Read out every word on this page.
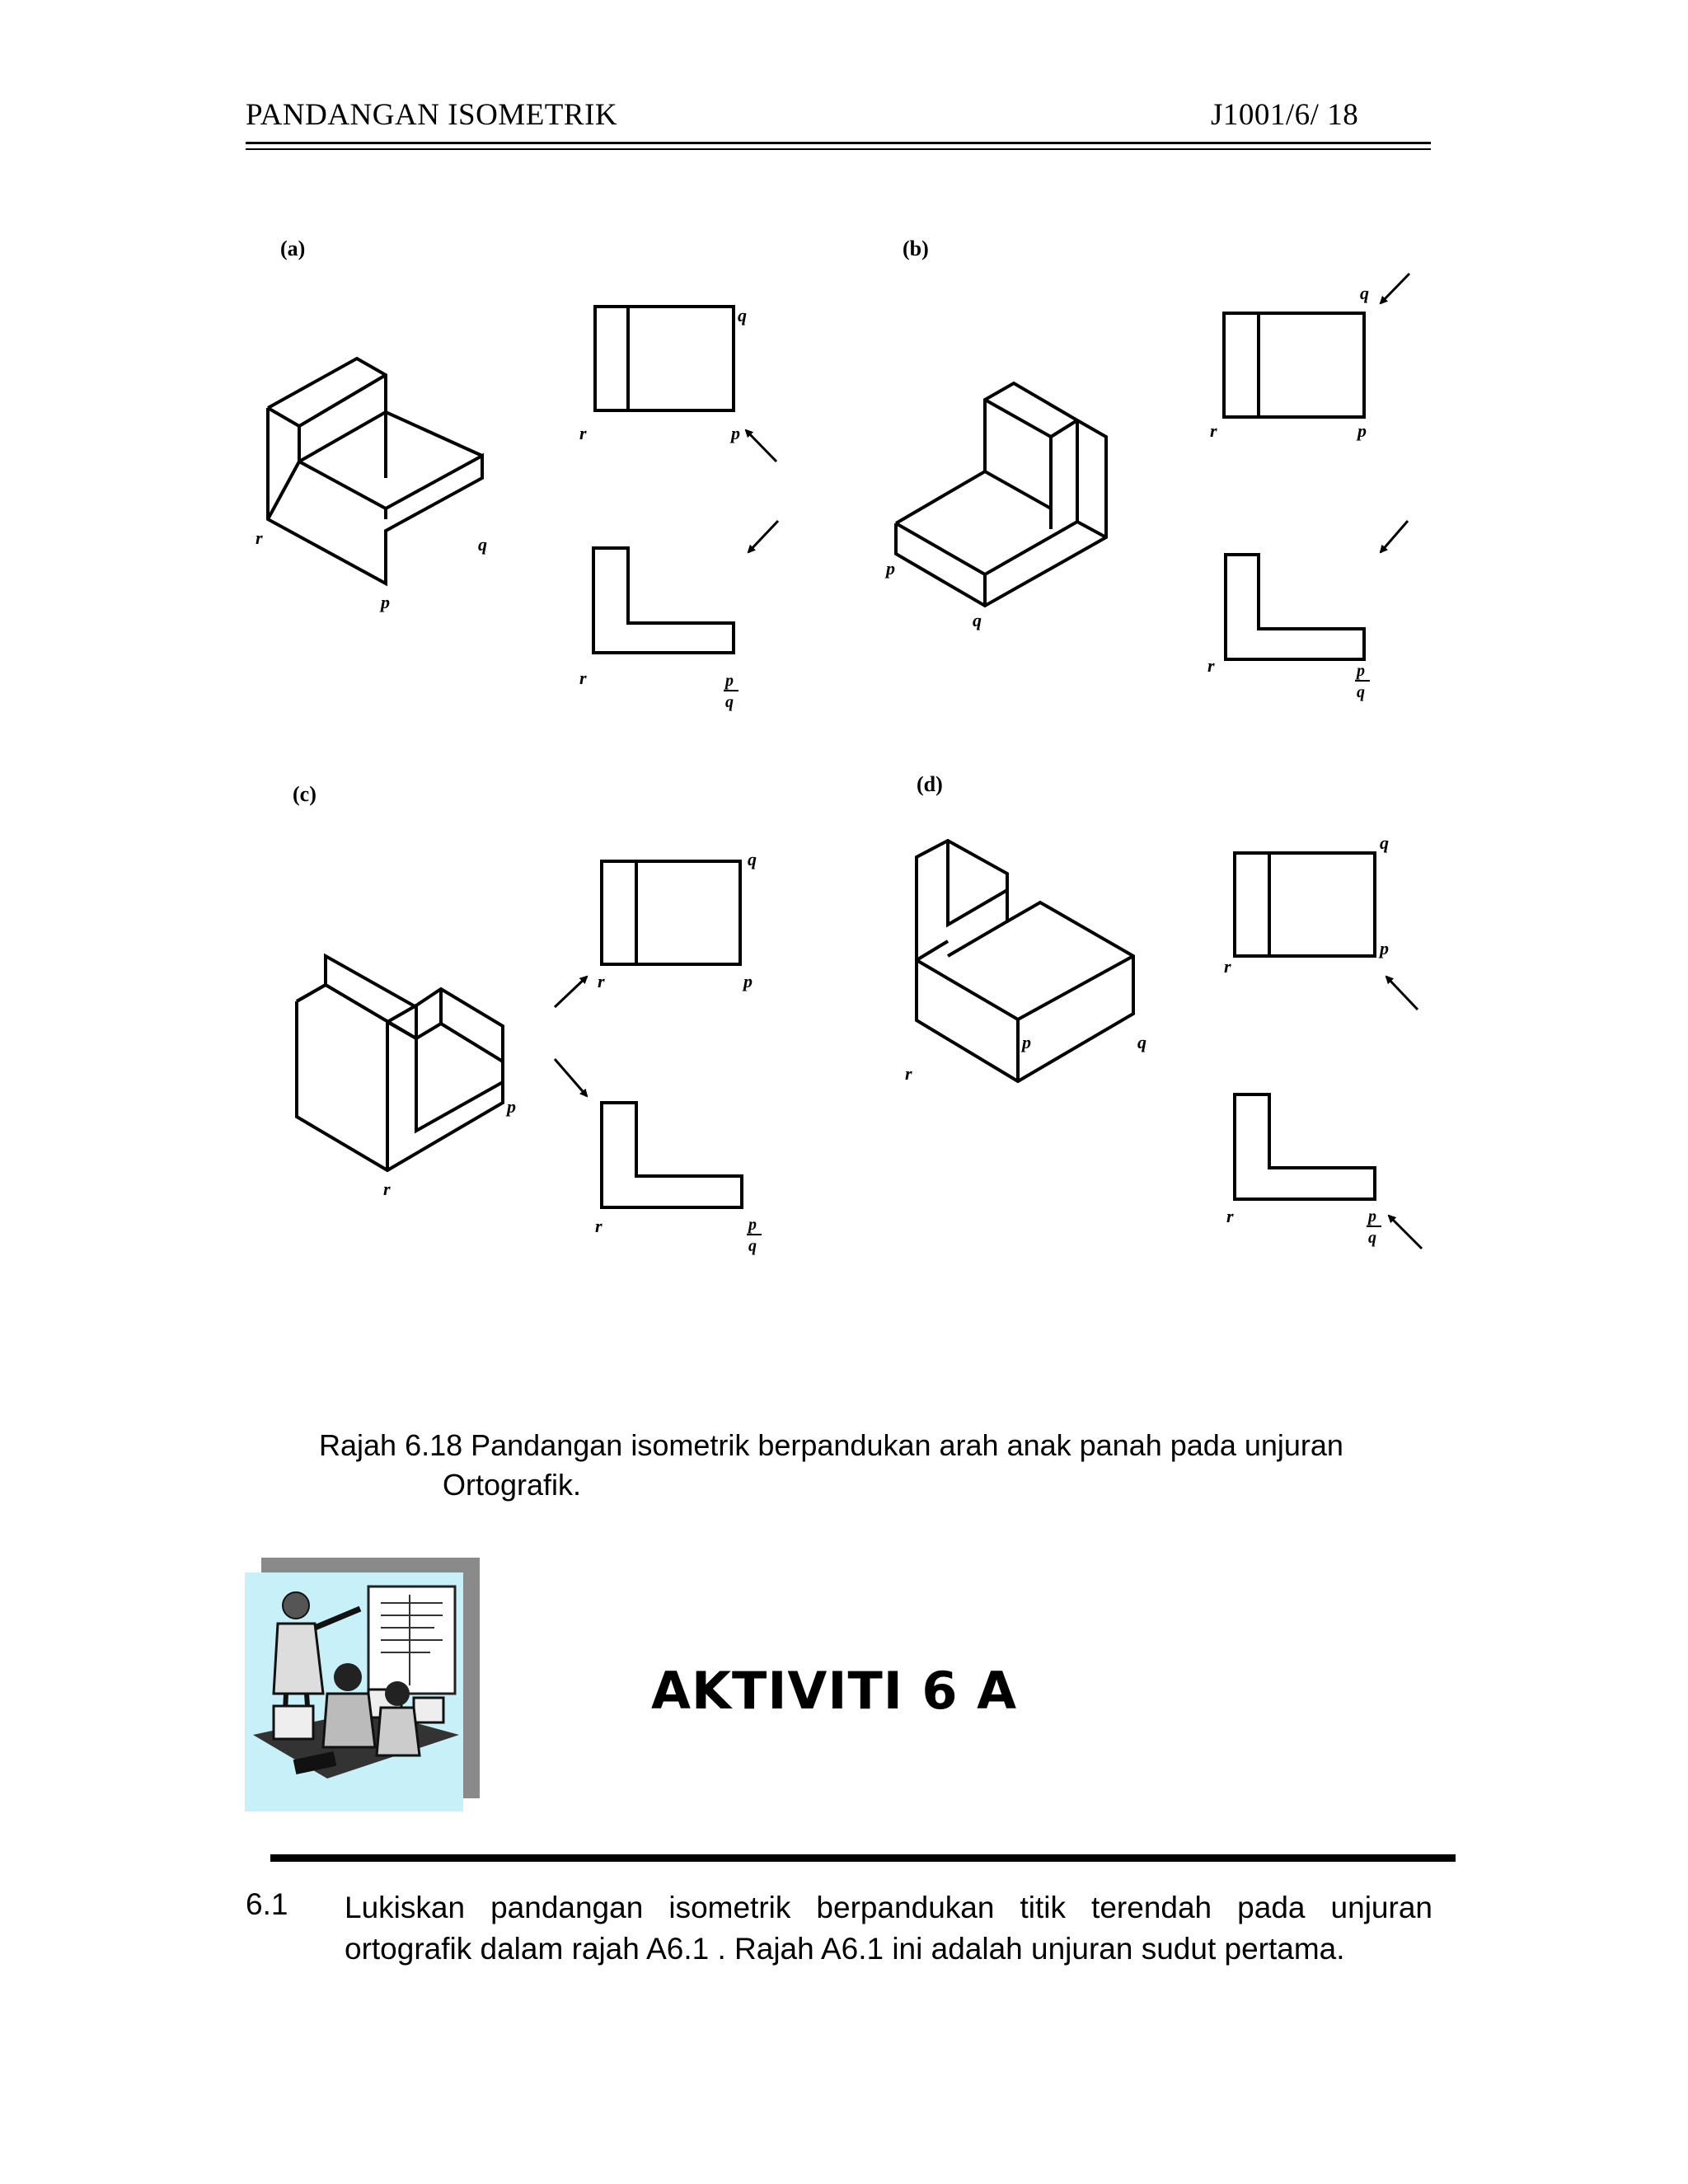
PANDANGAN ISOMETRIK	J1001/6/ 18
(a)
r	q
p
q
r	p
r	p
q
(b)
p
q
q
r	p
r	p
q
(c)
p
r
q
r	p
r	p
q
(d)
p	q
r
q
p
r
r	p
q
Rajah 6.18 Pandangan isometrik berpandukan arah anak panah pada unjuran
Ortografik.
AKTIVITI 6 A
6.1 Lukiskan pandangan isometrik berpandukan titik terendah pada unjuran ortografik dalam rajah A6.1 . Rajah A6.1 ini adalah unjuran sudut pertama.
